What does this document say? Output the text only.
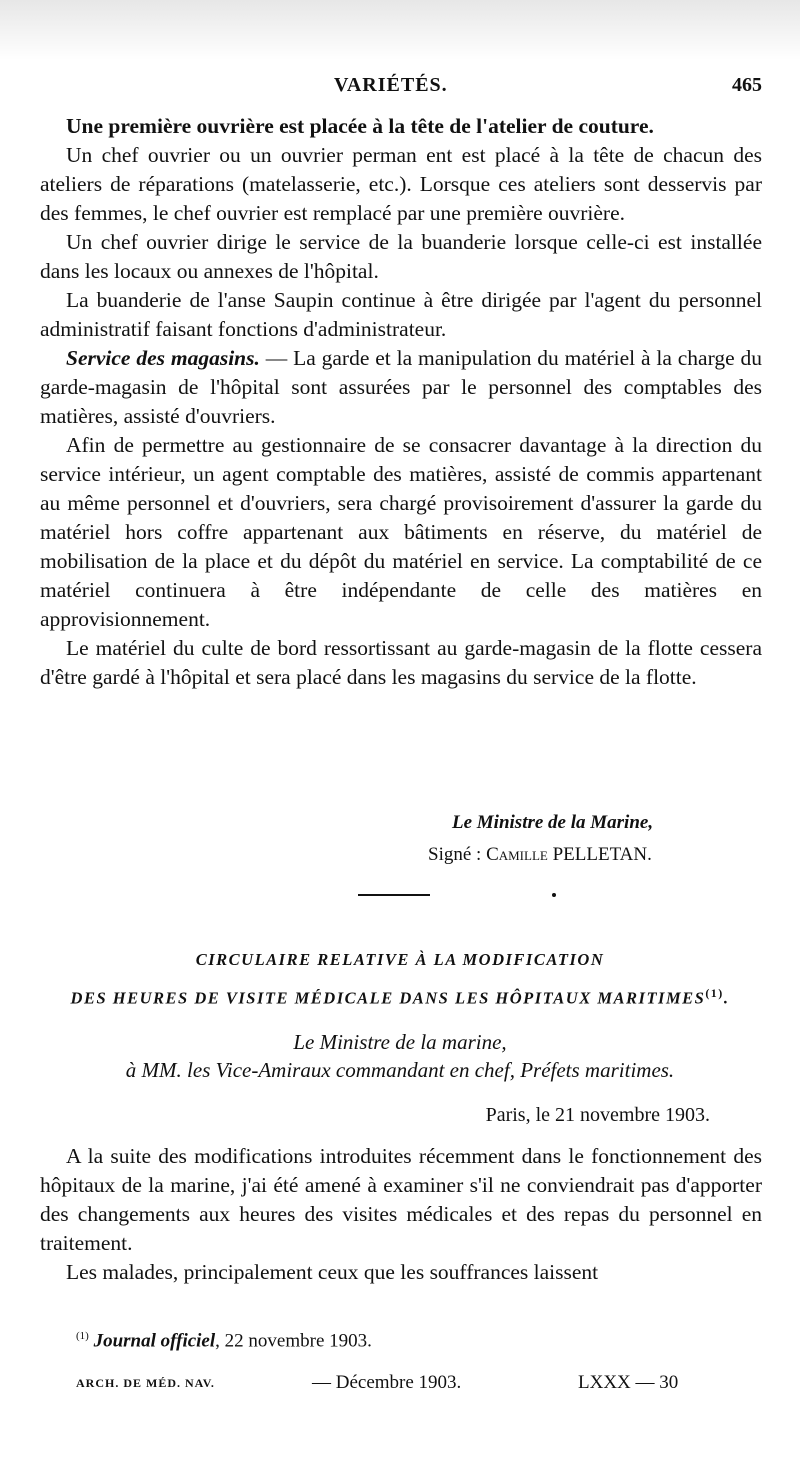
VARIÉTÉS.	465

Une première ouvrière est placée à la tête de l'atelier de couture.

Un chef ouvrier ou un ouvrier perman ent est placé à la tête de chacun des ateliers de réparations (matelasserie, etc.). Lorsque ces ateliers sont desservis par des femmes, le chef ouvrier est remplacé par une première ouvrière.

Un chef ouvrier dirige le service de la buanderie lorsque celle-ci est installée dans les locaux ou annexes de l'hôpital.

La buanderie de l'anse Saupin continue à être dirigée par l'agent du personnel administratif faisant fonctions d'administrateur.

Service des magasins. — La garde et la manipulation du matériel à la charge du garde-magasin de l'hôpital sont assurées par le personnel des comptables des matières, assisté d'ouvriers.

Afin de permettre au gestionnaire de se consacrer davantage à la direction du service intérieur, un agent comptable des matières, assisté de commis appartenant au même personnel et d'ouvriers, sera chargé provisoirement d'assurer la garde du matériel hors coffre appartenant aux bâtiments en réserve, du matériel de mobilisation de la place et du dépôt du matériel en service. La comptabilité de ce matériel continuera à être indépendante de celle des matières en approvisionnement.

Le matériel du culte de bord ressortissant au garde-magasin de la flotte cessera d'être gardé à l'hôpital et sera placé dans les magasins du service de la flotte.

Le Ministre de la Marine,
Signé : Camille PELLETAN.
CIRCULAIRE RELATIVE À LA MODIFICATION
DES HEURES DE VISITE MÉDICALE DANS LES HÔPITAUX MARITIMES$^{(1)}$.
Le Ministre de la marine,
à MM. les Vice-Amiraux commandant en chef, Préfets maritimes.
Paris, le 21 novembre 1903.

A la suite des modifications introduites récemment dans le fonctionnement des hôpitaux de la marine, j'ai été amené à examiner s'il ne conviendrait pas d'apporter des changements aux heures des visites médicales et des repas du personnel en traitement.

Les malades, principalement ceux que les souffrances laissent

$^{(1)}$ Journal officiel, 22 novembre 1903.
ARCH. DE MÉD. NAV.	— Décembre 1903.	LXXX — 30
